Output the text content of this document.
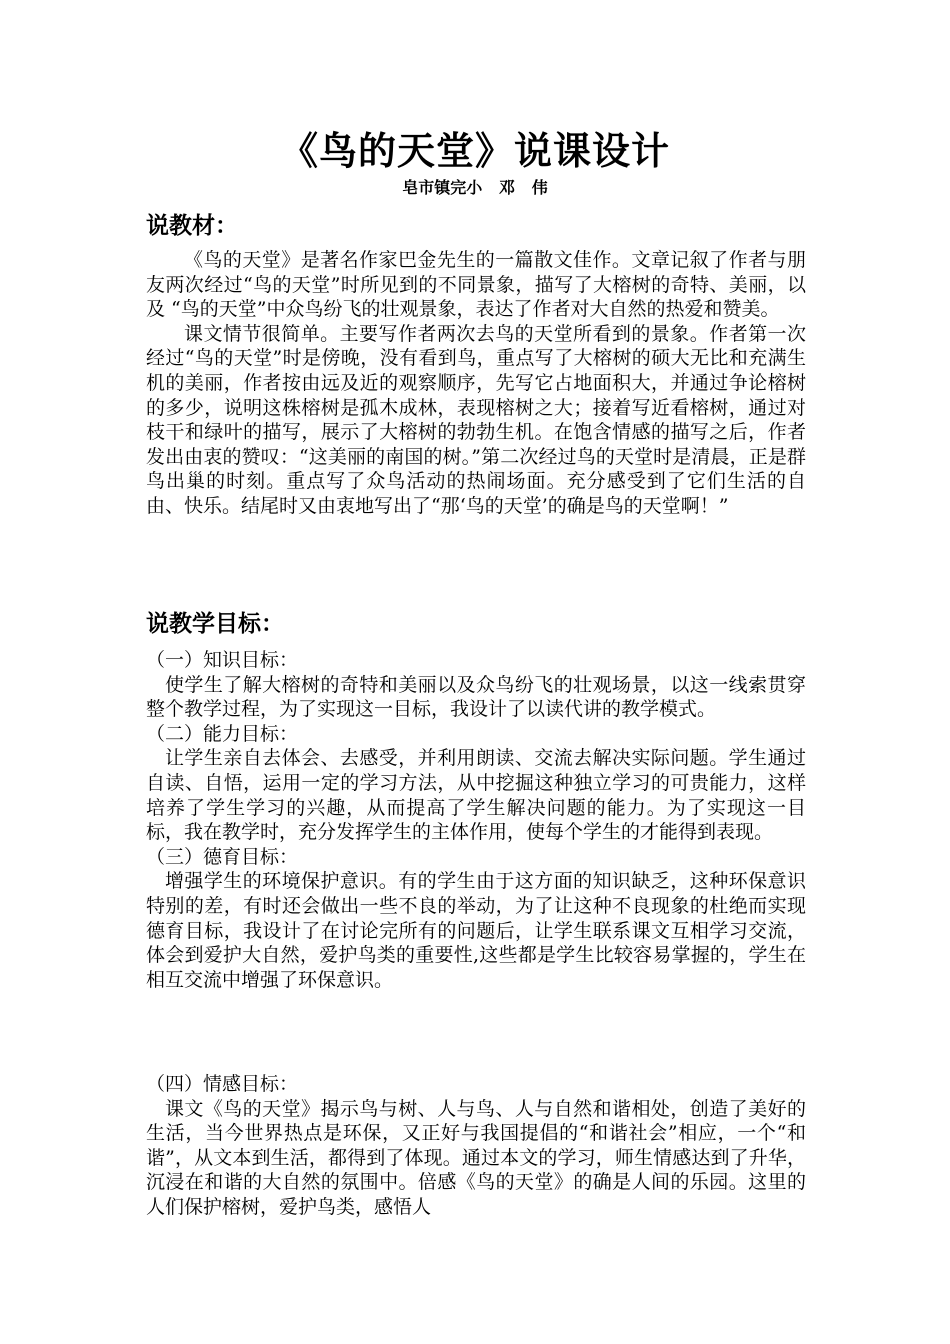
《鸟的天堂》说课设计
皂市镇完小   邓   伟
说教材：

《鸟的天堂》是著名作家巴金先生的一篇散文佳作。文章记叙了作者与朋友两次经过“鸟的天堂”时所见到的不同景象，描写了大榕树的奇特、美丽，以及 “鸟的天堂”中众鸟纷飞的壮观景象，表达了作者对大自然的热爱和赞美。

课文情节很简单。主要写作者两次去鸟的天堂所看到的景象。作者第一次经过“鸟的天堂”时是傍晚，没有看到鸟，重点写了大榕树的硕大无比和充满生机的美丽，作者按由远及近的观察顺序，先写它占地面积大，并通过争论榕树 的多少，说明这株榕树是孤木成林，表现榕树之大；接着写近看榕树，通过对枝干和绿叶的描写，展示了大榕树的勃勃生机。在饱含情感的描写之后，作者发出由衷的赞叹：“这美丽的南国的树。”第二次经过鸟的天堂时是清晨，正是群鸟出巢的时刻。重点写了众鸟活动的热闹场面。充分感受到了它们生活的自由、快乐。结尾时又由衷地写出了“那‘鸟的天堂’的确是鸟的天堂啊！”

说教学目标：

（一）知识目标：

使学生了解大榕树的奇特和美丽以及众鸟纷飞的壮观场景，以这一线索贯穿整个教学过程，为了实现这一目标，我设计了以读代讲的教学模式。

（二）能力目标：

让学生亲自去体会、去感受，并利用朗读、交流去解决实际问题。学生通过自读、自悟，运用一定的学习方法，从中挖掘这种独立学习的可贵能力，这样培养了学生学习的兴趣，从而提高了学生解决问题的能力。为了实现这一目标，我在教学时，充分发挥学生的主体作用，使每个学生的才能得到表现。

（三）德育目标：

增强学生的环境保护意识。有的学生由于这方面的知识缺乏，这种环保意识特别的差，有时还会做出一些不良的举动，为了让这种不良现象的杜绝而实现德育目标，我设计了在讨论完所有的问题后，让学生联系课文互相学习交流，体会到爱护大自然，爱护鸟类的重要性,这些都是学生比较容易掌握的，学生在相互交流中增强了环保意识。

（四）情感目标：

课文《鸟的天堂》揭示鸟与树、人与鸟、人与自然和谐相处，创造了美好的生活，当今世界热点是环保，又正好与我国提倡的“和谐社会”相应，一个“和谐”，从文本到生活，都得到了体现。通过本文的学习，师生情感达到了升华，沉浸在和谐的大自然的氛围中。倍感《鸟的天堂》的确是人间的乐园。这里的人们保护榕树，爱护鸟类，感悟人
